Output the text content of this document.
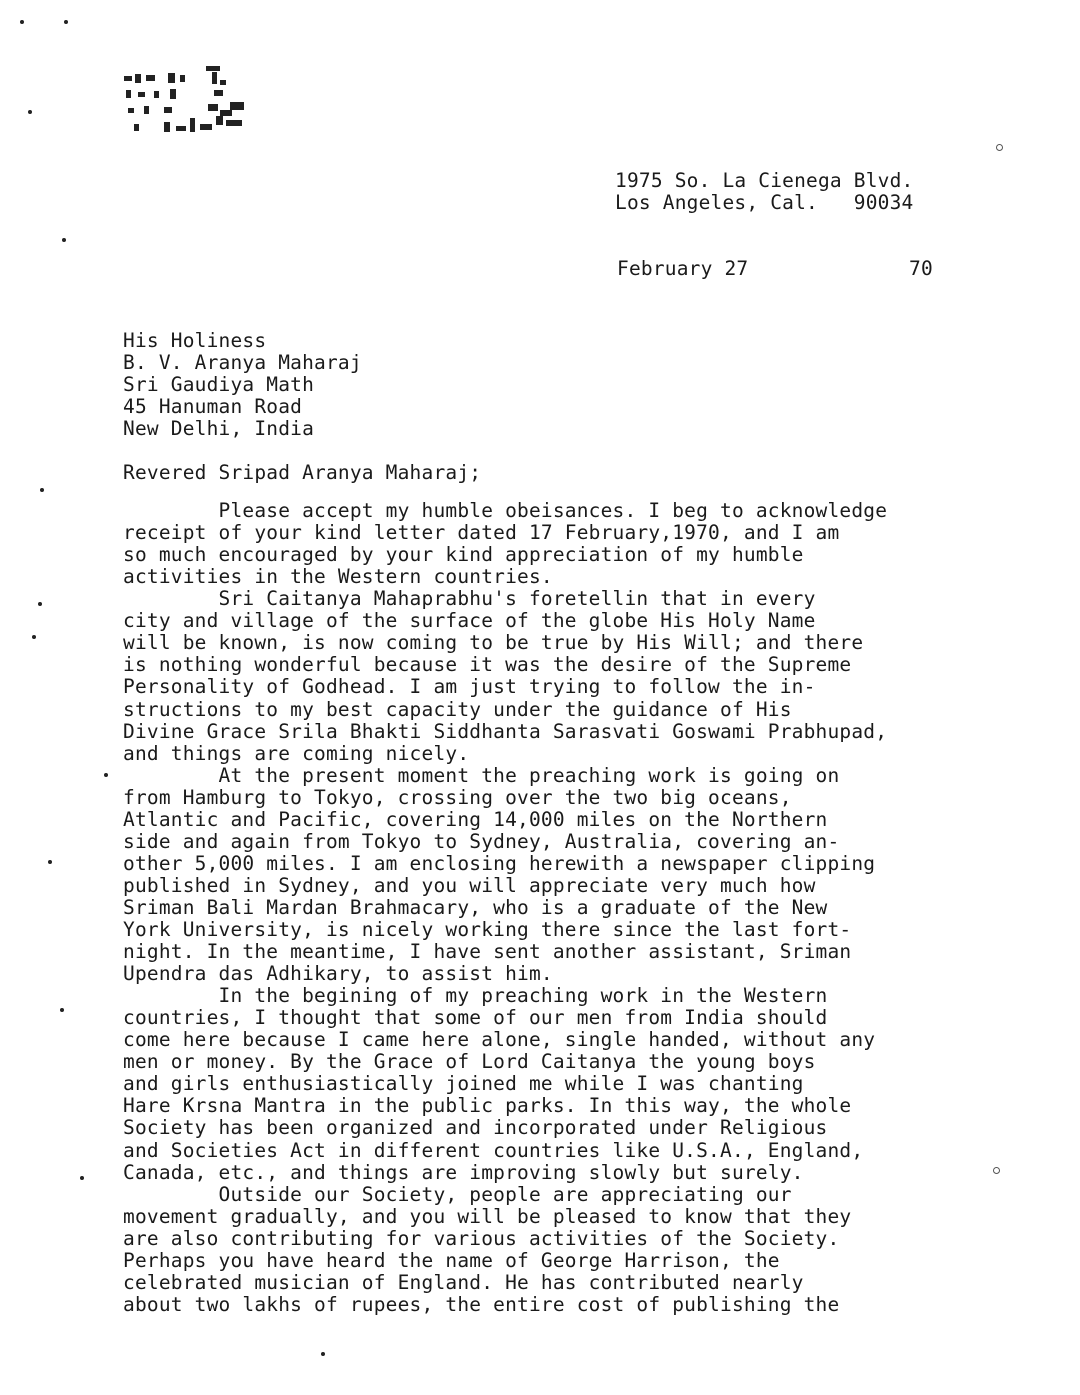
1975 So. La Cienega Blvd.
Los Angeles, Cal.   90034
February 27	70
His Holiness
B. V. Aranya Maharaj
Sri Gaudiya Math
45 Hanuman Road
New Delhi, India
Revered Sripad Aranya Maharaj;
Please accept my humble obeisances. I beg to acknowledge
receipt of your kind letter dated 17 February,1970, and I am
so much encouraged by your kind appreciation of my humble
activities in the Western countries.
Sri Caitanya Mahaprabhu's foretellin that in every
city and village of the surface of the globe His Holy Name
will be known, is now coming to be true by His Will; and there
is nothing wonderful because it was the desire of the Supreme
Personality of Godhead. I am just trying to follow the in-
structions to my best capacity under the guidance of His
Divine Grace Srila Bhakti Siddhanta Sarasvati Goswami Prabhupad,
and things are coming nicely.
At the present moment the preaching work is going on
from Hamburg to Tokyo, crossing over the two big oceans,
Atlantic and Pacific, covering 14,000 miles on the Northern
side and again from Tokyo to Sydney, Australia, covering an-
other 5,000 miles. I am enclosing herewith a newspaper clipping
published in Sydney, and you will appreciate very much how
Sriman Bali Mardan Brahmacary, who is a graduate of the New
York University, is nicely working there since the last fort-
night. In the meantime, I have sent another assistant, Sriman
Upendra das Adhikary, to assist him.
In the begining of my preaching work in the Western
countries, I thought that some of our men from India should
come here because I came here alone, single handed, without any
men or money. By the Grace of Lord Caitanya the young boys
and girls enthusiastically joined me while I was chanting
Hare Krsna Mantra in the public parks. In this way, the whole
Society has been organized and incorporated under Religious
and Societies Act in different countries like U.S.A., England,
Canada, etc., and things are improving slowly but surely.
Outside our Society, people are appreciating our
movement gradually, and you will be pleased to know that they
are also contributing for various activities of the Society.
Perhaps you have heard the name of George Harrison, the
celebrated musician of England. He has contributed nearly
about two lakhs of rupees, the entire cost of publishing the
